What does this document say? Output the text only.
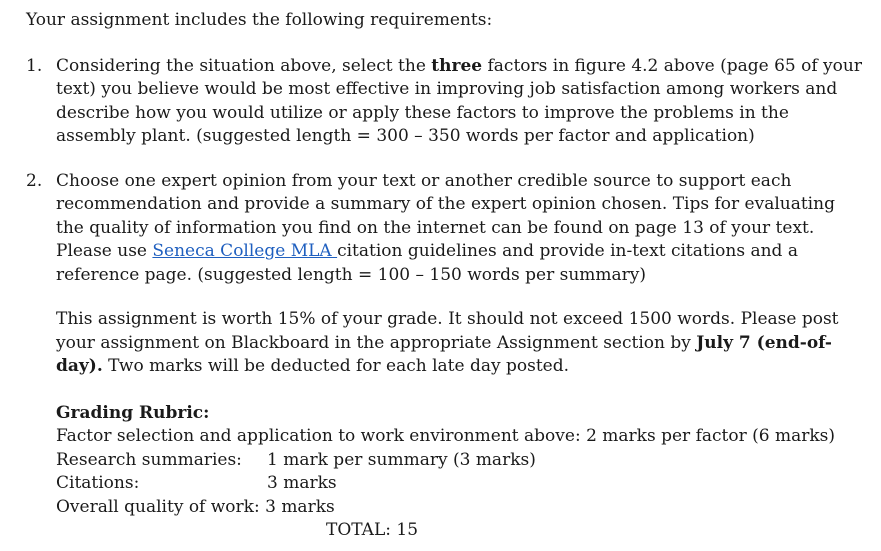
Your assignment includes the following requirements:
1. Considering the situation above, select the three factors in figure 4.2 above (page 65 of your text) you believe would be most effective in improving job satisfaction among workers and describe how you would utilize or apply these factors to improve the problems in the assembly plant. (suggested length = 300 – 350 words per factor and application)
2. Choose one expert opinion from your text or another credible source to support each recommendation and provide a summary of the expert opinion chosen. Tips for evaluating the quality of information you find on the internet can be found on page 13 of your text. Please use Seneca College MLA citation guidelines and provide in-text citations and a reference page. (suggested length = 100 – 150 words per summary)
This assignment is worth 15% of your grade. It should not exceed 1500 words. Please post your assignment on Blackboard in the appropriate Assignment section by July 7 (end-of-day). Two marks will be deducted for each late day posted.
Grading Rubric:
Factor selection and application to work environment above: 2 marks per factor (6 marks)
Research summaries:	1 mark per summary (3 marks)
Citations:	3 marks
Overall quality of work: 3 marks
TOTAL: 15
